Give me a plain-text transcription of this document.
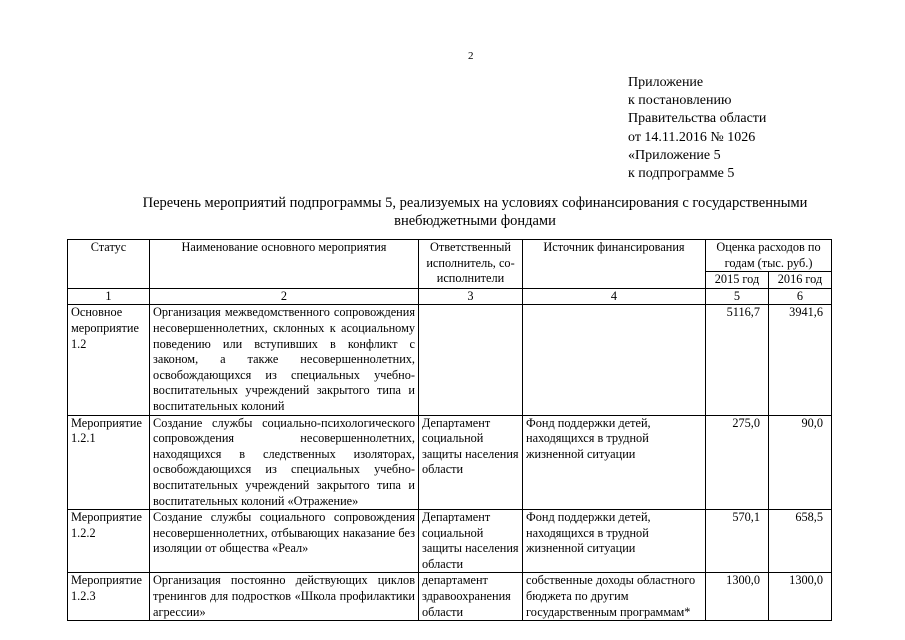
2
Приложение
к постановлению
Правительства области
от 14.11.2016 № 1026
«Приложение 5
к подпрограмме 5
Перечень мероприятий подпрограммы 5, реализуемых на условиях софинансирования с государственными
внебюджетными фондами
Статус	Наименование основного мероприятия	Ответственный исполнитель, со-исполнители	Источник финансирования	Оценка расходов по годам (тыс. руб.)	
				2015 год	2016 год
1	2	3	4	5	6
Основное мероприятие 1.2	Организация межведомственного сопровождения несовершеннолетних, склонных к асоциальному поведению или вступивших в конфликт с законом, а также несовершеннолетних, освобождающихся из специальных учебно-воспитательных учреждений закрытого типа и воспитательных колоний			5116,7	3941,6
Мероприятие 1.2.1	Создание службы социально-психологического сопровождения несовершеннолетних, находящихся в следственных изоляторах, освобождающихся из специальных учебно-воспитательных учреждений закрытого типа и воспитательных колоний «Отражение»	Департамент социальной защиты населения области	Фонд поддержки детей, находящихся в трудной жизненной ситуации	275,0	90,0
Мероприятие 1.2.2	Создание службы социального сопровождения несовершеннолетних, отбывающих наказание без изоляции от общества «Реал»	Департамент социальной защиты населения области	Фонд поддержки детей, находящихся в трудной жизненной ситуации	570,1	658,5
Мероприятие 1.2.3	Организация постоянно действующих циклов тренингов для подростков «Школа профилактики агрессии»	департамент здравоохранения области	собственные доходы областного бюджета по другим государственным программам*	1300,0	1300,0
